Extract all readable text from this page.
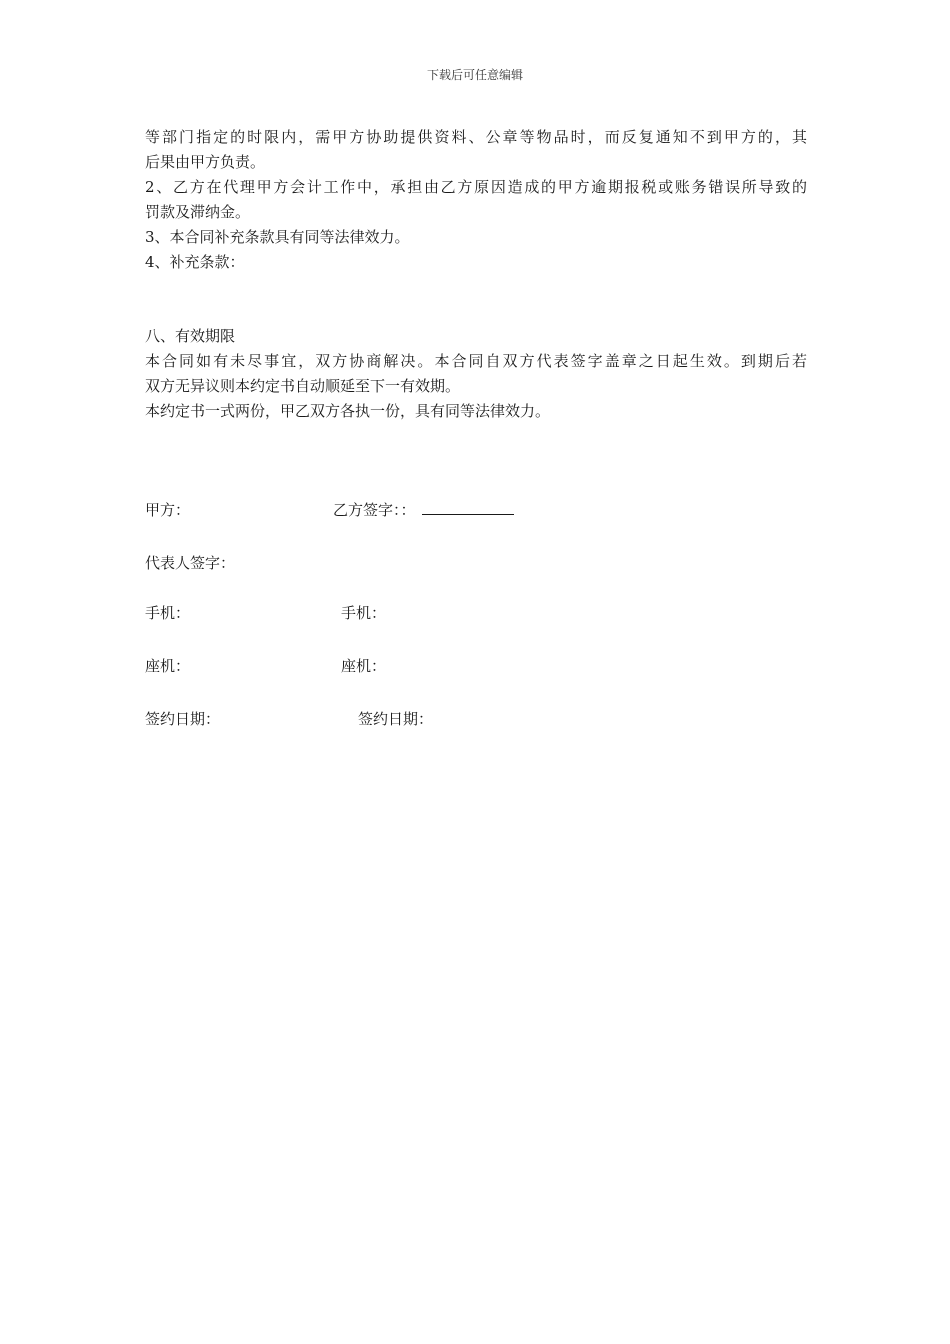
下载后可任意编辑
等部门指定的时限内，需甲方协助提供资料、公章等物品时，而反复通知不到甲方的，其
后果由甲方负责。
2、乙方在代理甲方会计工作中，承担由乙方原因造成的甲方逾期报税或账务错误所导致的
罚款及滞纳金。
3、本合同补充条款具有同等法律效力。
4、补充条款：
八、有效期限
本合同如有未尽事宜，双方协商解决。本合同自双方代表签字盖章之日起生效。到期后若
双方无异议则本约定书自动顺延至下一有效期。
本约定书一式两份，甲乙双方各执一份，具有同等法律效力。
甲方：	乙方签字：：
代表人签字：
手机：	手机：
座机：	座机：
签约日期：	签约日期：
